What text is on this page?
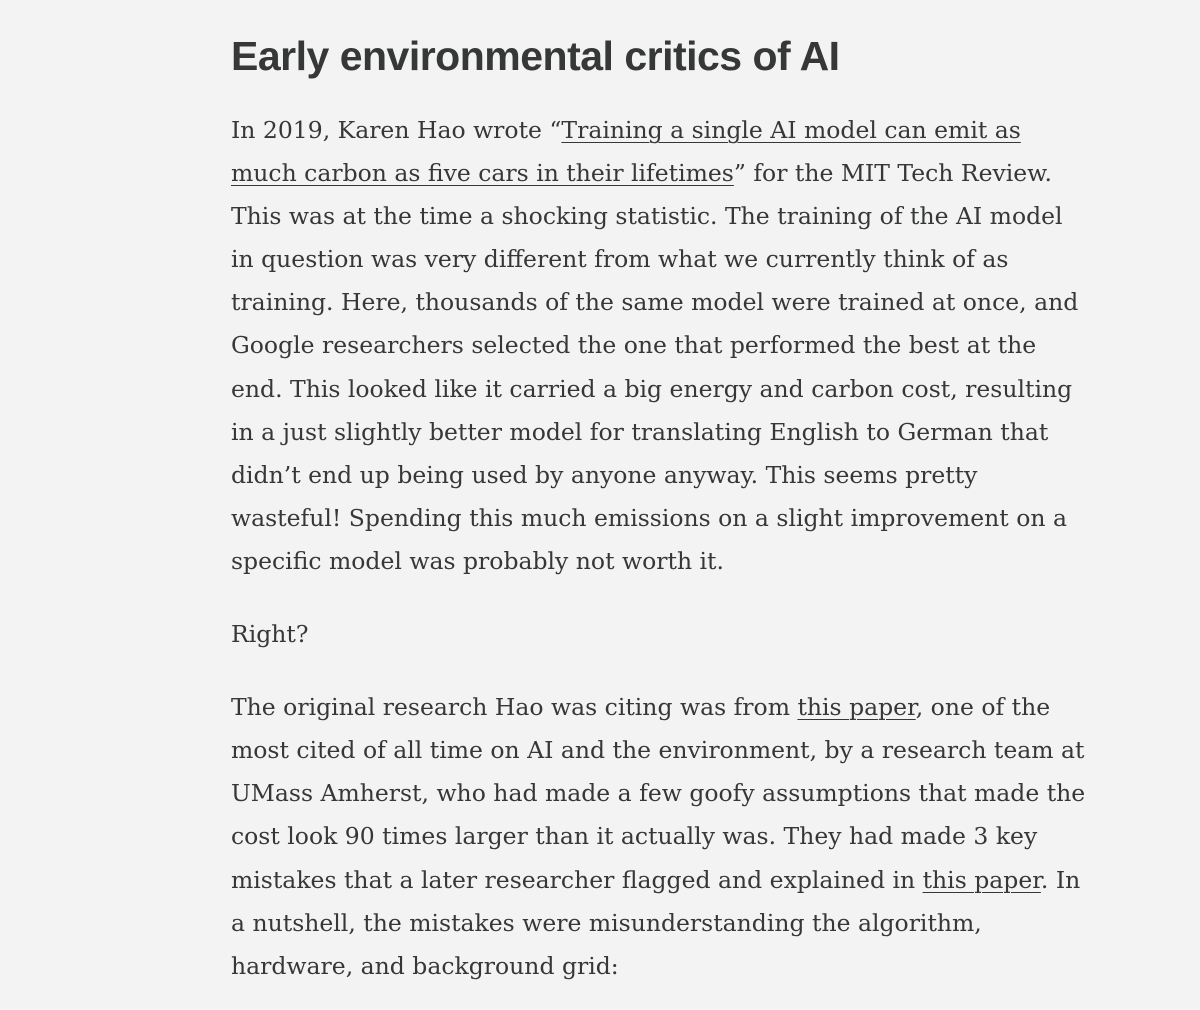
Early environmental critics of AI

In 2019, Karen Hao wrote “Training a single AI model can emit as much carbon as five cars in their lifetimes” for the MIT Tech Review. This was at the time a shocking statistic. The training of the AI model in question was very different from what we currently think of as training. Here, thousands of the same model were trained at once, and Google researchers selected the one that performed the best at the end. This looked like it carried a big energy and carbon cost, resulting in a just slightly better model for translating English to German that didn’t end up being used by anyone anyway. This seems pretty wasteful! Spending this much emissions on a slight improvement on a specific model was probably not worth it.

Right?

The original research Hao was citing was from this paper, one of the most cited of all time on AI and the environment, by a research team at UMass Amherst, who had made a few goofy assumptions that made the cost look 90 times larger than it actually was. They had made 3 key mistakes that a later researcher flagged and explained in this paper. In a nutshell, the mistakes were misunderstanding the algorithm, hardware, and background grid:
